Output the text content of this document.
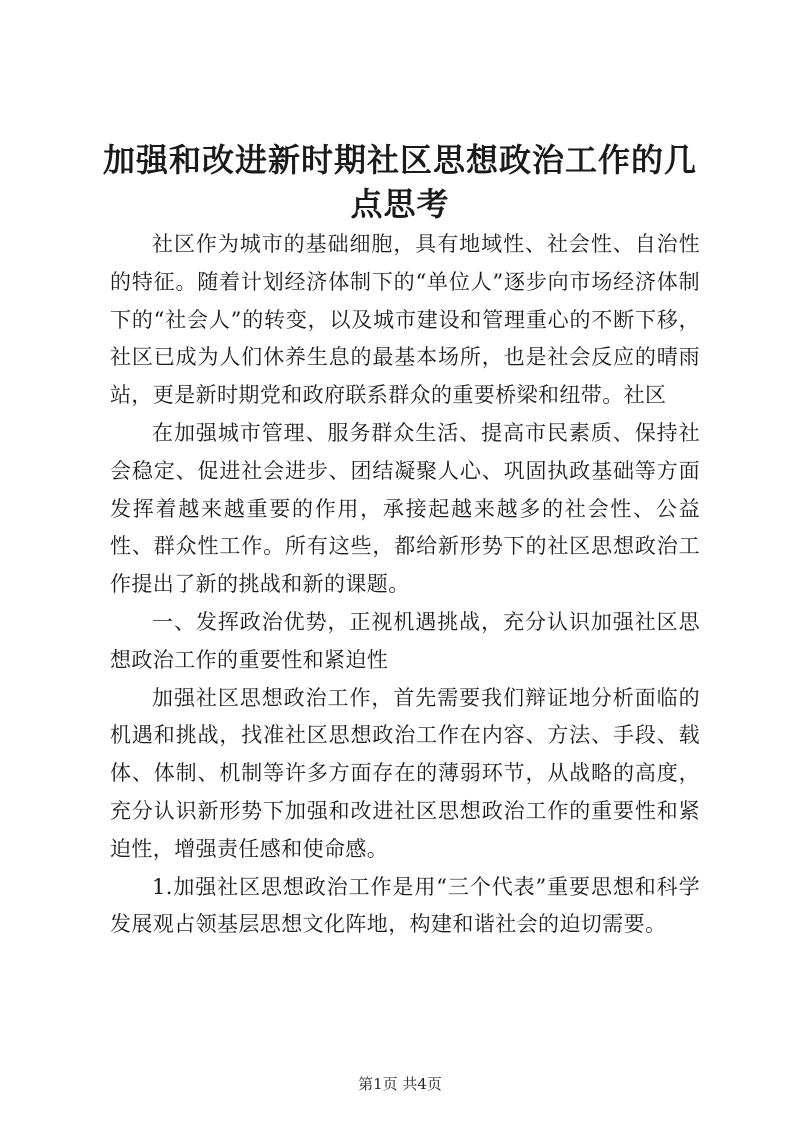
加强和改进新时期社区思想政治工作的几点思考

社区作为城市的基础细胞，具有地域性、社会性、自治性的特征。随着计划经济体制下的“单位人”逐步向市场经济体制下的“社会人”的转变，以及城市建设和管理重心的不断下移，社区已成为人们休养生息的最基本场所，也是社会反应的晴雨站，更是新时期党和政府联系群众的重要桥梁和纽带。社区

在加强城市管理、服务群众生活、提高市民素质、保持社会稳定、促进社会进步、团结凝聚人心、巩固执政基础等方面发挥着越来越重要的作用，承接起越来越多的社会性、公益性、群众性工作。所有这些，都给新形势下的社区思想政治工作提出了新的挑战和新的课题。

一、发挥政治优势，正视机遇挑战，充分认识加强社区思想政治工作的重要性和紧迫性

加强社区思想政治工作，首先需要我们辩证地分析面临的机遇和挑战，找准社区思想政治工作在内容、方法、手段、载体、体制、机制等许多方面存在的薄弱环节，从战略的高度，充分认识新形势下加强和改进社区思想政治工作的重要性和紧迫性，增强责任感和使命感。

1.加强社区思想政治工作是用“三个代表”重要思想和科学发展观占领基层思想文化阵地，构建和谐社会的迫切需要。

第1页 共4页
